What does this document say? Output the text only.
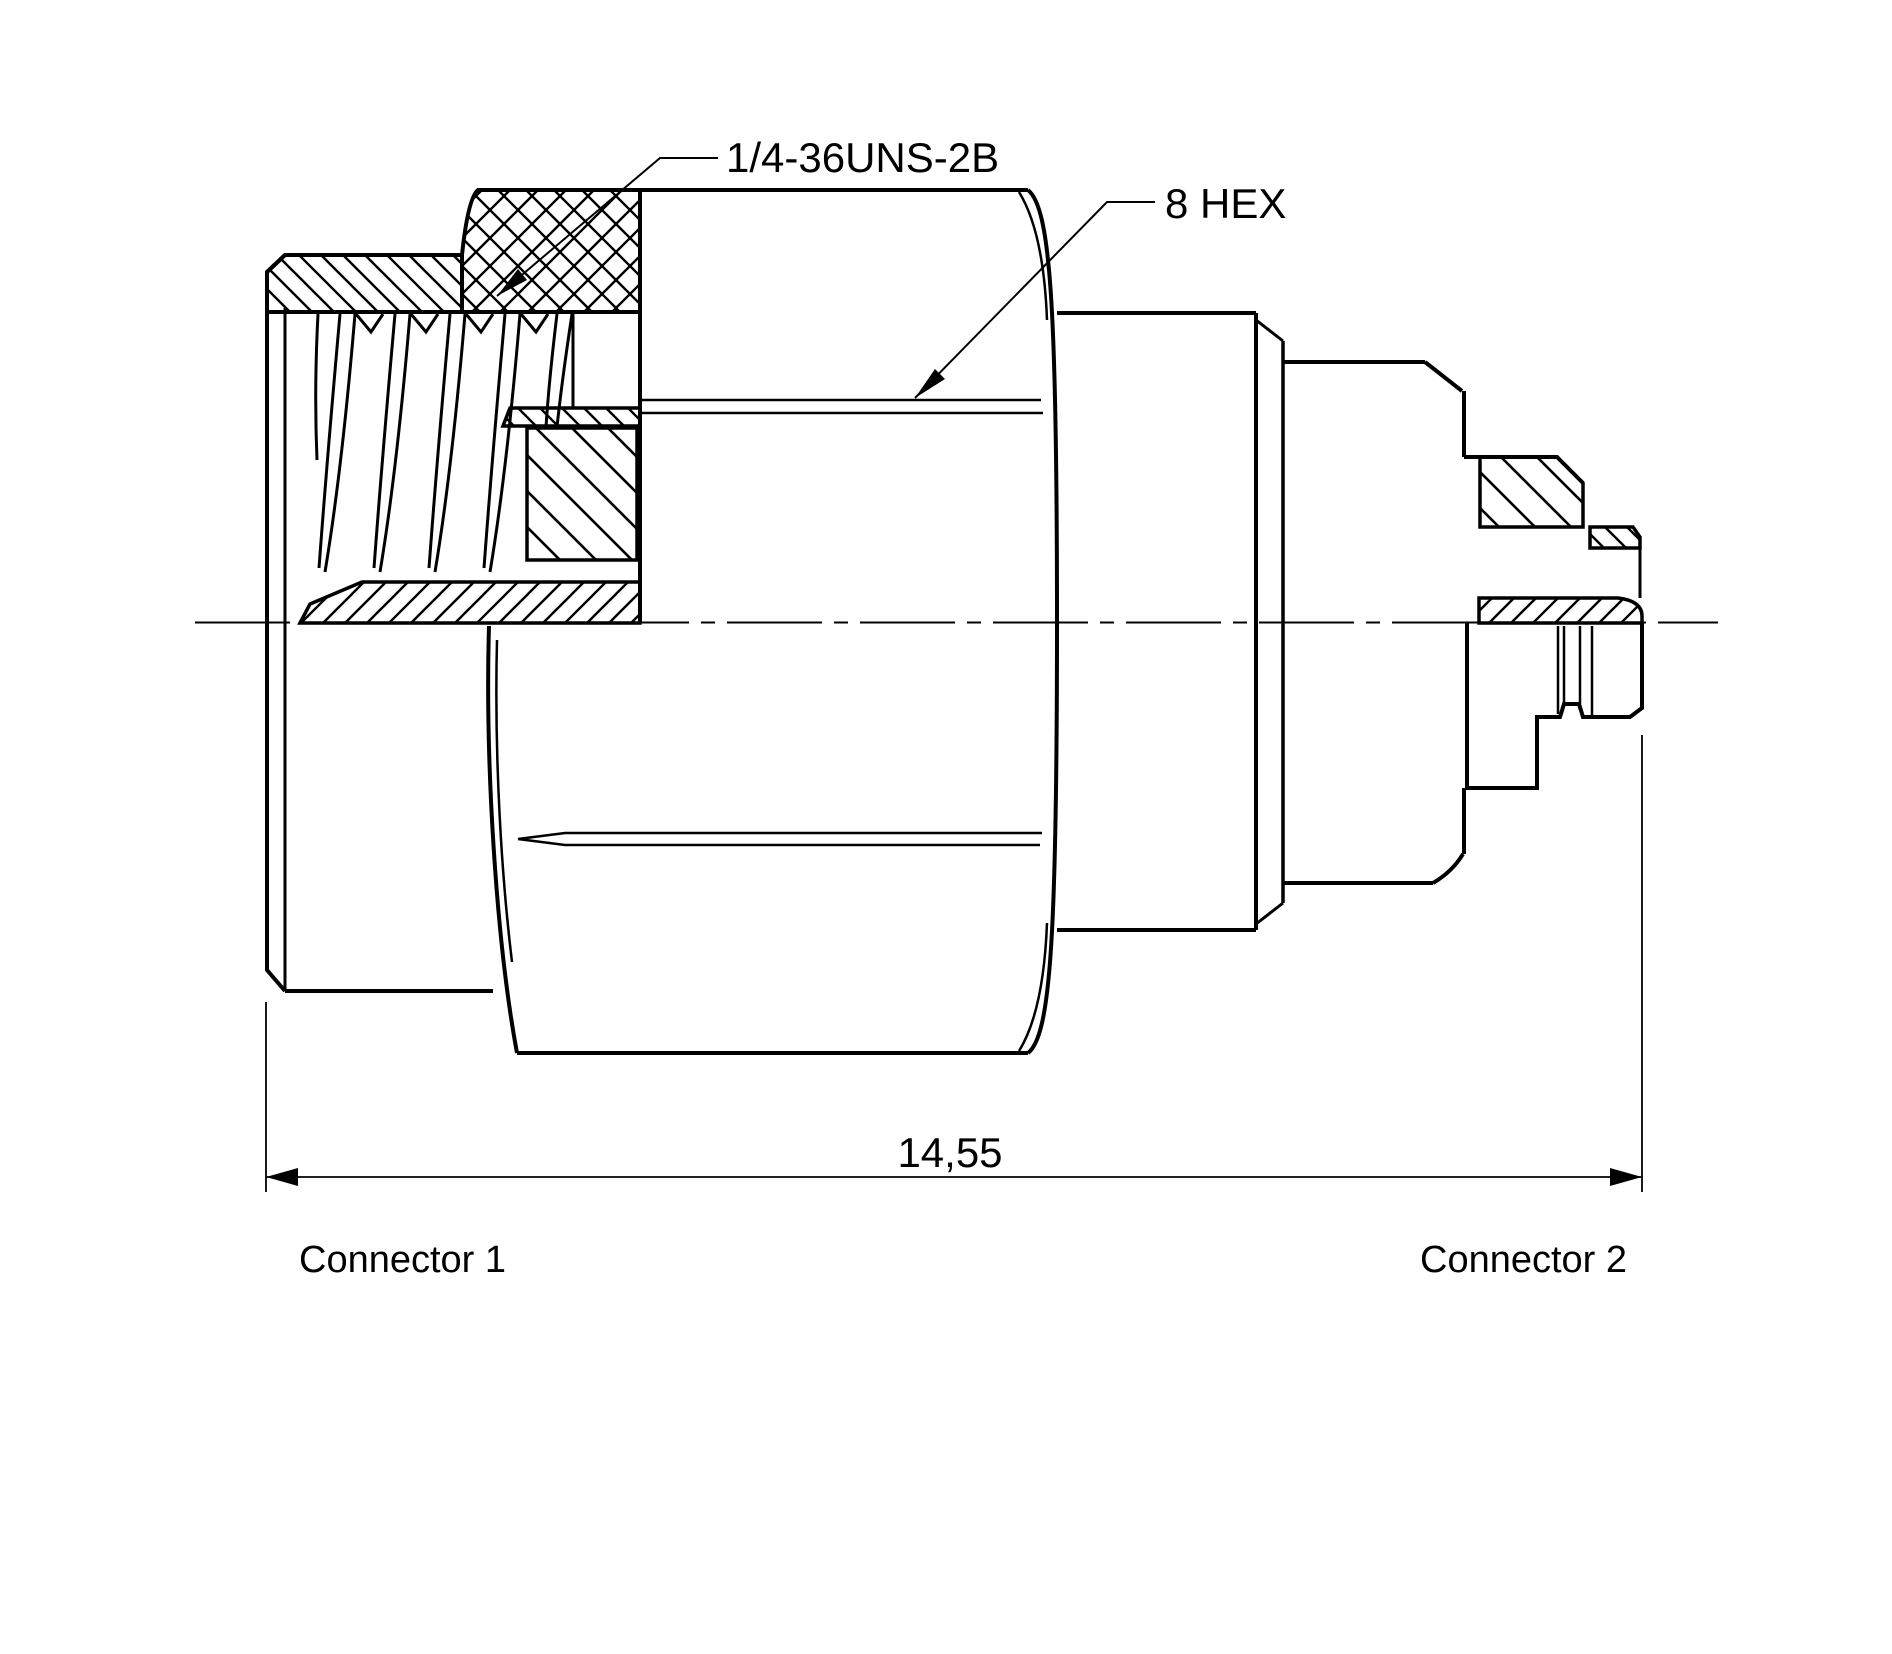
1/4-36UNS-2B
8 HEX
14,55
Connector 1	Connector 2
